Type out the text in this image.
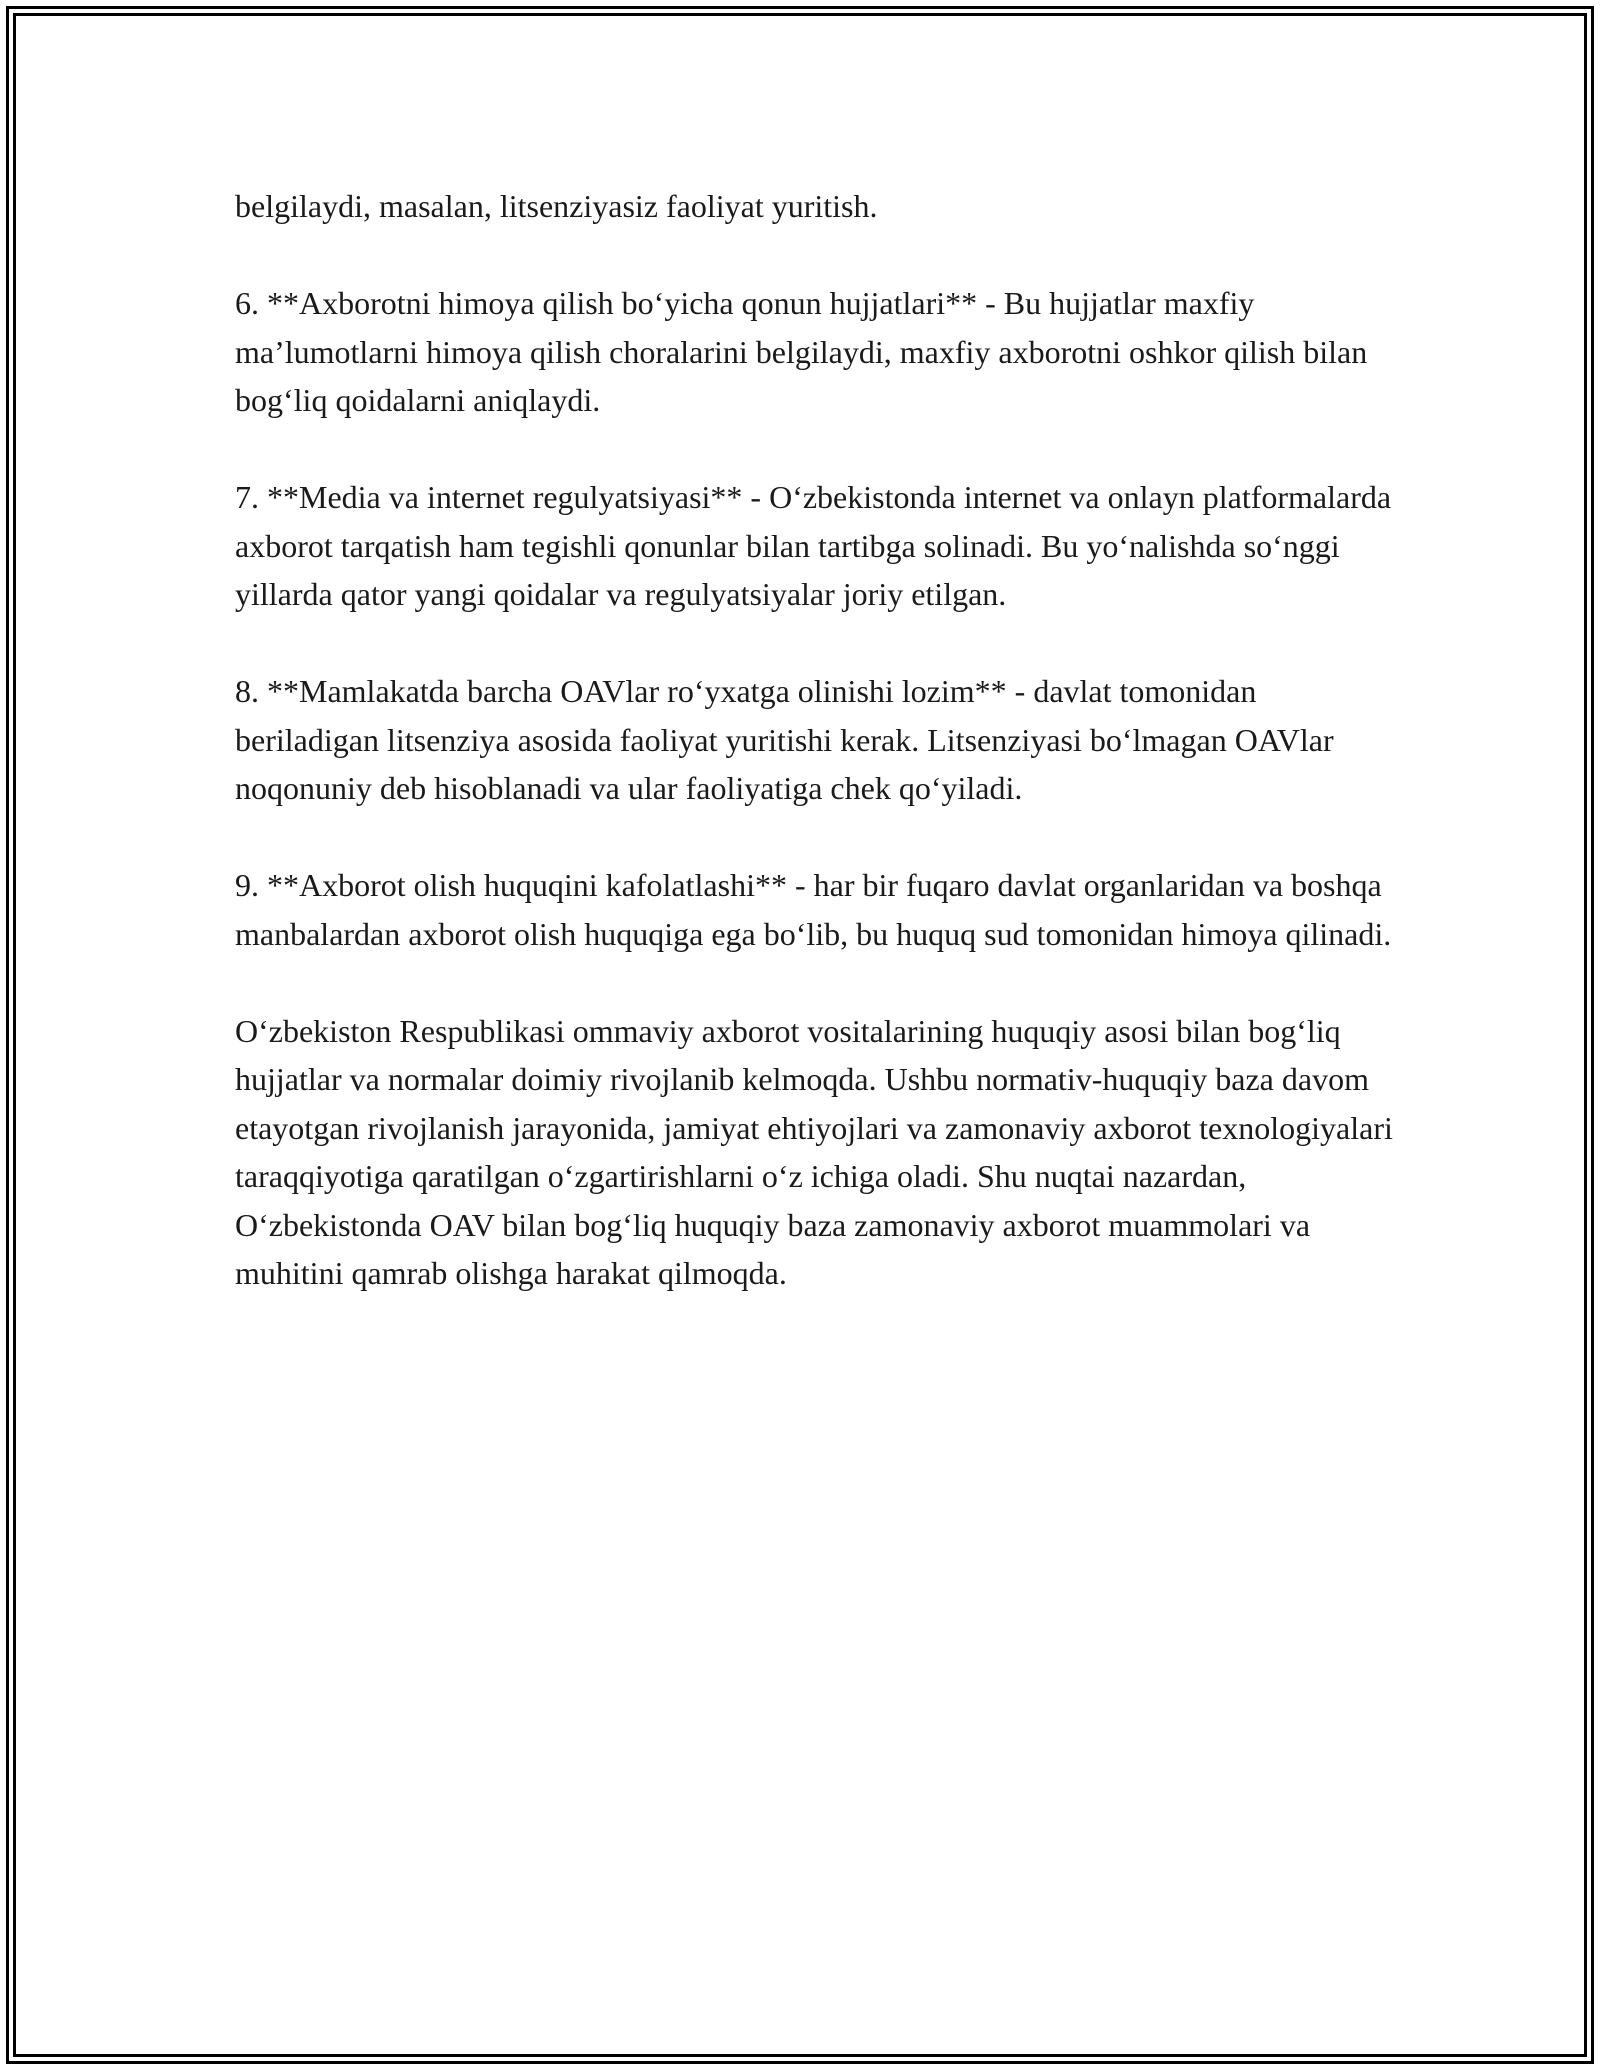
belgilaydi, masalan, litsenziyasiz faoliyat yuritish.

6. **Axborotni himoya qilish bo‘yicha qonun hujjatlari** - Bu hujjatlar maxfiy ma’lumotlarni himoya qilish choralarini belgilaydi, maxfiy axborotni oshkor qilish bilan bog‘liq qoidalarni aniqlaydi.

7. **Media va internet regulyatsiyasi** - O‘zbekistonda internet va onlayn platformalarda axborot tarqatish ham tegishli qonunlar bilan tartibga solinadi. Bu yo‘nalishda so‘nggi yillarda qator yangi qoidalar va regulyatsiyalar joriy etilgan.

8. **Mamlakatda barcha OAVlar ro‘yxatga olinishi lozim** - davlat tomonidan beriladigan litsenziya asosida faoliyat yuritishi kerak. Litsenziyasi bo‘lmagan OAVlar noqonuniy deb hisoblanadi va ular faoliyatiga chek qo‘yiladi.

9. **Axborot olish huquqini kafolatlashi** - har bir fuqaro davlat organlaridan va boshqa manbalardan axborot olish huquqiga ega bo‘lib, bu huquq sud tomonidan himoya qilinadi.

O‘zbekiston Respublikasi ommaviy axborot vositalarining huquqiy asosi bilan bog‘liq hujjatlar va normalar doimiy rivojlanib kelmoqda. Ushbu normativ-huquqiy baza davom etayotgan rivojlanish jarayonida, jamiyat ehtiyojlari va zamonaviy axborot texnologiyalari taraqqiyotiga qaratilgan o‘zgartirishlarni o‘z ichiga oladi. Shu nuqtai nazardan, O‘zbekistonda OAV bilan bog‘liq huquqiy baza zamonaviy axborot muammolari va muhitini qamrab olishga harakat qilmoqda.
